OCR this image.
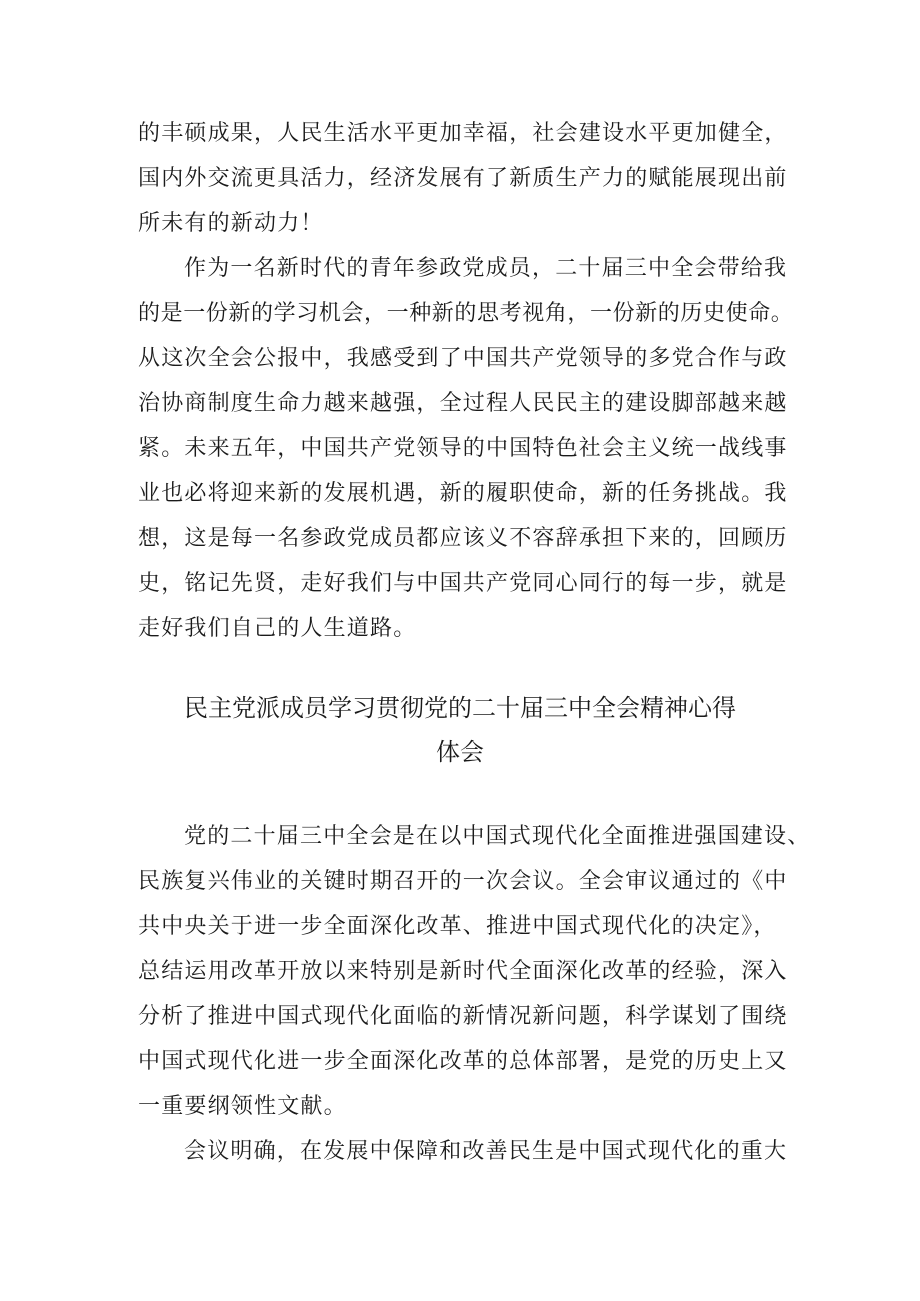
的丰硕成果，人民生活水平更加幸福，社会建设水平更加健全，
国内外交流更具活力，经济发展有了新质生产力的赋能展现出前
所未有的新动力！
作为一名新时代的青年参政党成员，二十届三中全会带给我
的是一份新的学习机会，一种新的思考视角，一份新的历史使命。
从这次全会公报中，我感受到了中国共产党领导的多党合作与政
治协商制度生命力越来越强，全过程人民民主的建设脚部越来越
紧。未来五年，中国共产党领导的中国特色社会主义统一战线事
业也必将迎来新的发展机遇，新的履职使命，新的任务挑战。我
想，这是每一名参政党成员都应该义不容辞承担下来的，回顾历
史，铭记先贤，走好我们与中国共产党同心同行的每一步，就是
走好我们自己的人生道路。
民主党派成员学习贯彻党的二十届三中全会精神心得
体会
党的二十届三中全会是在以中国式现代化全面推进强国建设、
民族复兴伟业的关键时期召开的一次会议。全会审议通过的《中
共中央关于进一步全面深化改革、推进中国式现代化的决定》，
总结运用改革开放以来特别是新时代全面深化改革的经验，深入
分析了推进中国式现代化面临的新情况新问题，科学谋划了围绕
中国式现代化进一步全面深化改革的总体部署，是党的历史上又
一重要纲领性文献。
会议明确，在发展中保障和改善民生是中国式现代化的重大
